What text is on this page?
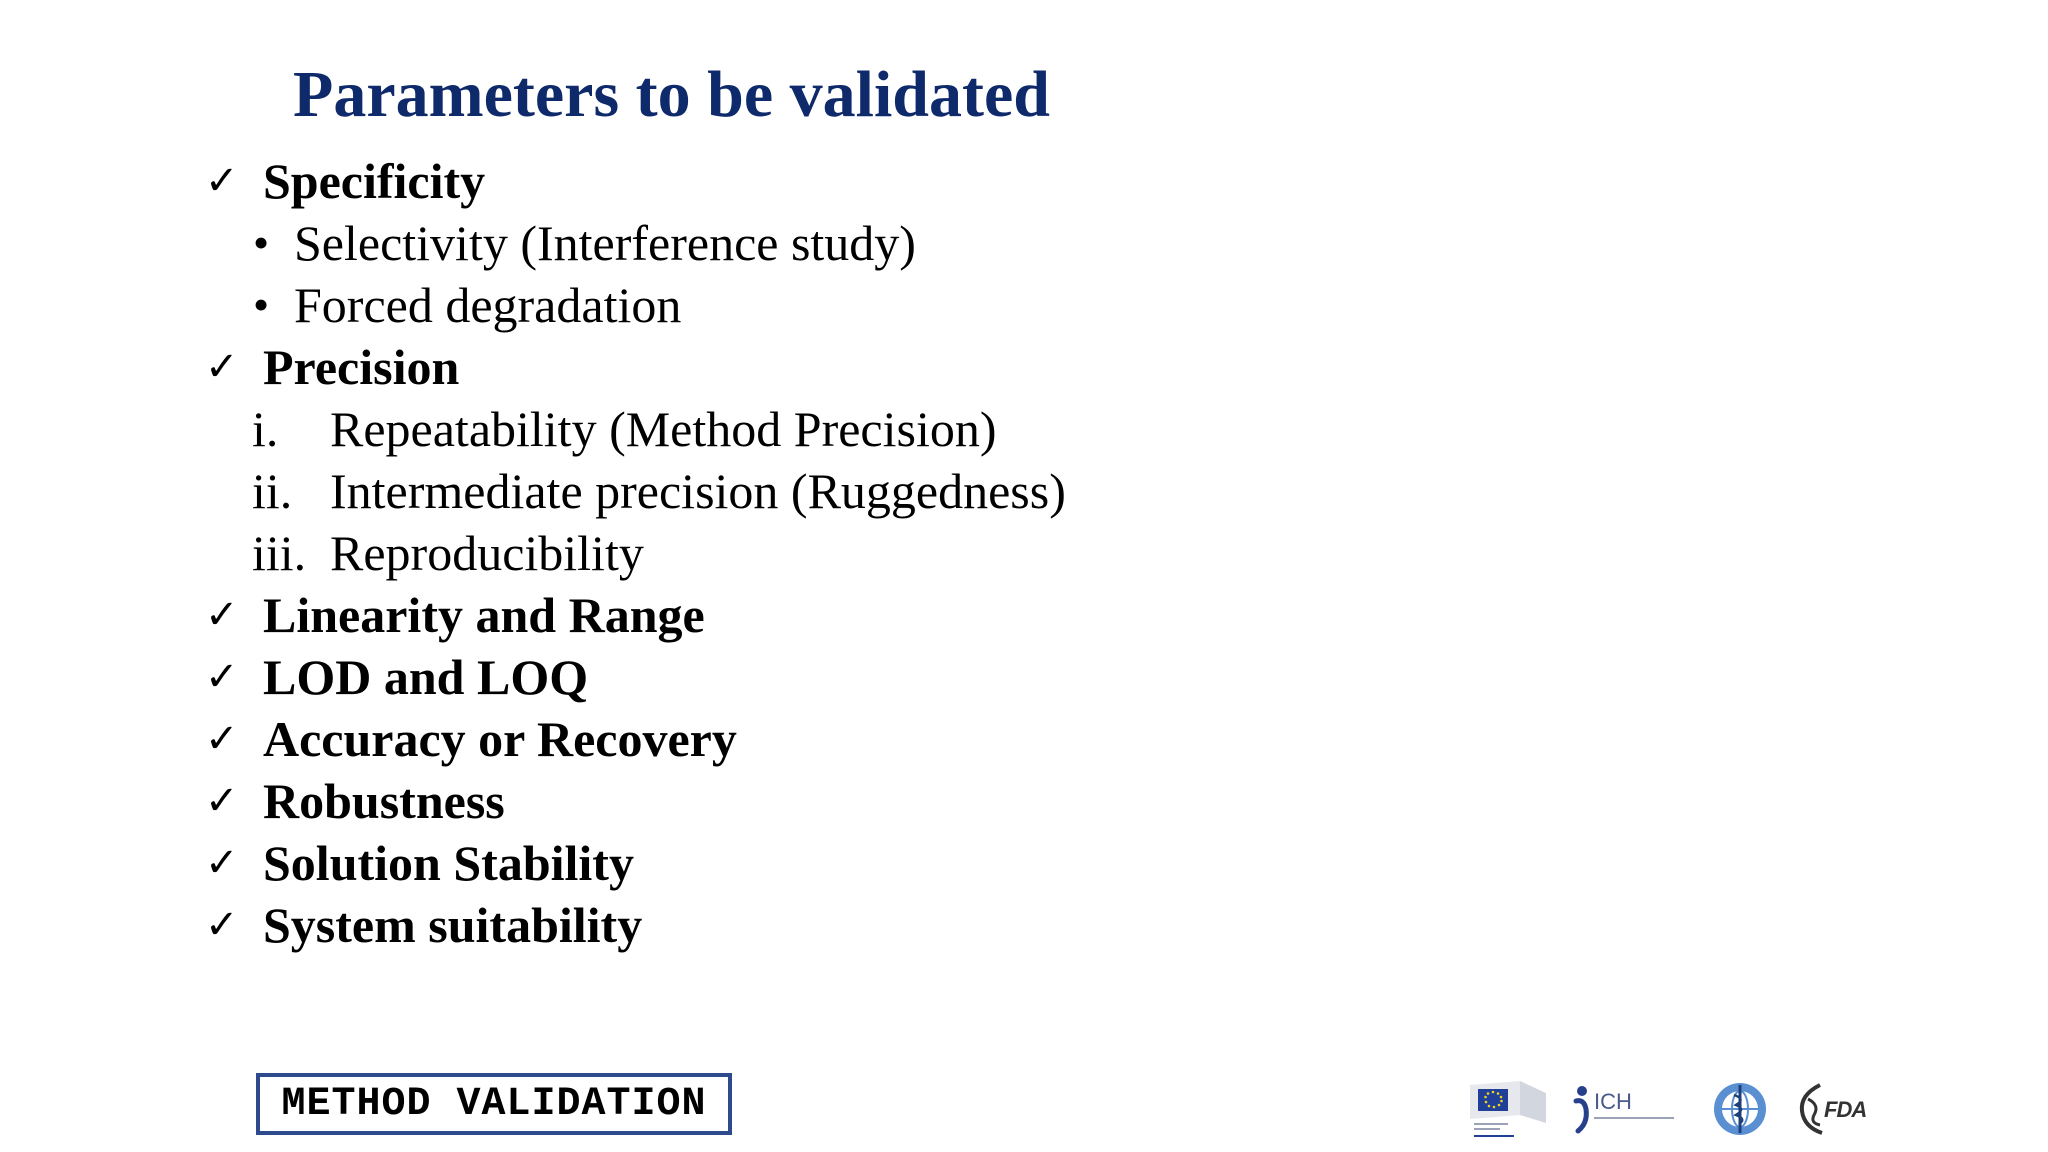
Parameters to be validated
✓ Specificity
• Selectivity (Interference study)
• Forced degradation
✓ Precision
i. Repeatability (Method Precision)
ii. Intermediate precision (Ruggedness)
iii. Reproducibility
✓ Linearity and Range
✓ LOD and LOQ
✓ Accuracy or Recovery
✓ Robustness
✓ Solution Stability
✓ System suitability
METHOD VALIDATION	ICH	FDA
